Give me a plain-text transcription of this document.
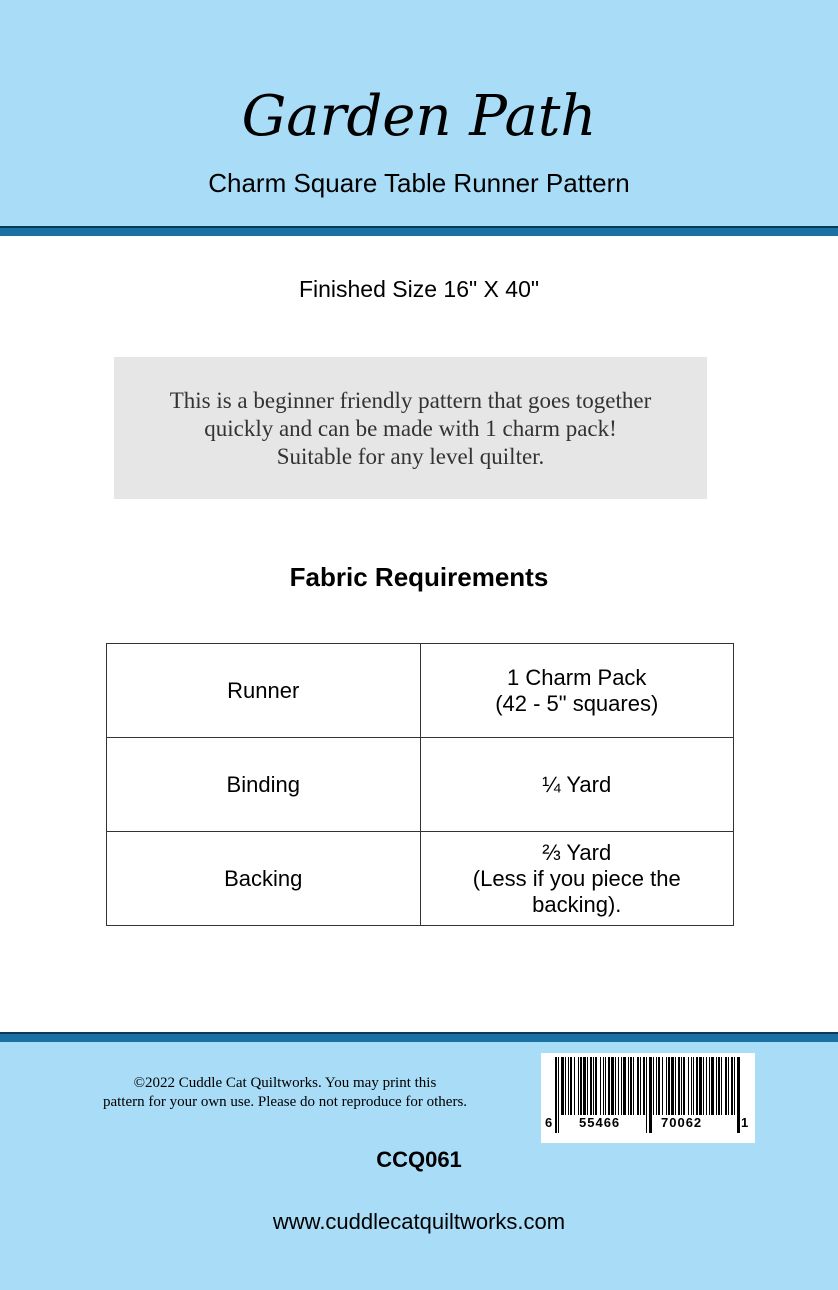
Garden Path
Charm Square Table Runner Pattern
Finished Size 16" X 40"
This is a beginner friendly pattern that goes together
quickly and can be made with 1 charm pack!
Suitable for any level quilter.
Fabric Requirements
Runner	1 Charm Pack
(42 - 5" squares)

Binding	¼ Yard

Backing	⅔ Yard
(Less if you piece the
backing).
©2022 Cuddle Cat Quiltworks. You may print this
pattern for your own use. Please do not reproduce for others.
6 55466	70062	1
CCQ061
www.cuddlecatquiltworks.com
